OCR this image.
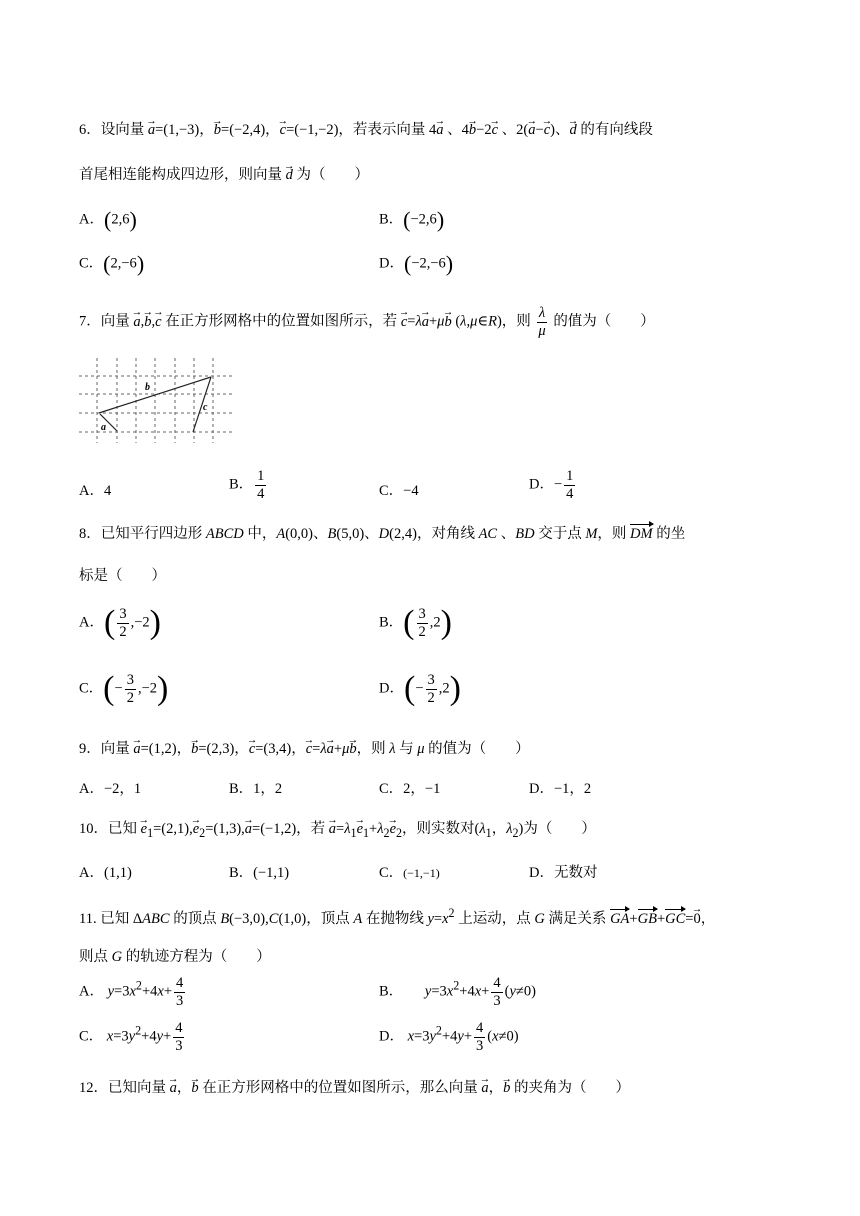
6．设向量 → a=(1,−3)，→ b=(−2,4)，→ c=(−1,−2)，若表示向量 4→ a 、4→ b−2→ c 、2(→ a−→ c)、→ d 的有向线段
首尾相连能构成四边形，则向量 → d 为（　　）
A．(2,6)	B．(−2,6)
C．(2,−6)	D．(−2,−6)
7．向量 → a,→ b,→ c 在正方形网格中的位置如图所示，若 → c=λ→ a+μ→ b (λ,μ∈R)，则 $\frac{\lambda}{\mu}$ 的值为（　　）
b
c
a
A．4	B． $\frac{1}{4}$	C．−4	D．− $\frac{1}{4}$
8．已知平行四边形 ABCD 中，A(0,0)、B(5,0)、D(2,4)，对角线 AC 、BD 交于点 M，则 DM 的坐
标是（　　）
A．( $\frac{3}{2} ,-2$)	B．( $\frac{3}{2} ,2$)
C．(− $\frac{3}{2} ,-2$)	D．(− $\frac{3}{2} ,2$)
9．向量 → a=(1,2)，→ b=(2,3)，→ c=(3,4)，→ c=λ→ a+μ→ b，则 λ 与 μ 的值为（　　）
A．−2，1	B．1，2	C．2，−1	D．−1，2
10．已知 → $e_1=(2,1),\to e_2=(1,3),\to a=(-1,2)$，若 → $a=\lambda_1\to e_1+\lambda_2\to e_2$，则实数对($\lambda_1$，$\lambda_2$)为（　　）
A．(1,1)	B．(−1,1)	C．(−1,−1)	D．无数对
11. 已知 ΔABC 的顶点 B(−3,0),C(1,0)，顶点 A 在抛物线 $y=x^2$ 上运动，点 G 满足关系 GA+GB+GC=→ 0，
则点 G 的轨迹方程为（　　）
A． $y=3x^2+4x+ \frac{4}{3}$	B．　　 $y=3x^2+4x+ \frac{4}{3} (y\ne 0)$
C． $x=3y^2+4y+ \frac{4}{3}$	D． $x=3y^2+4y+ \frac{4}{3} (x\ne 0)$
12．已知向量 → a，→ b 在正方形网格中的位置如图所示，那么向量 → a，→ b 的夹角为（　　）
